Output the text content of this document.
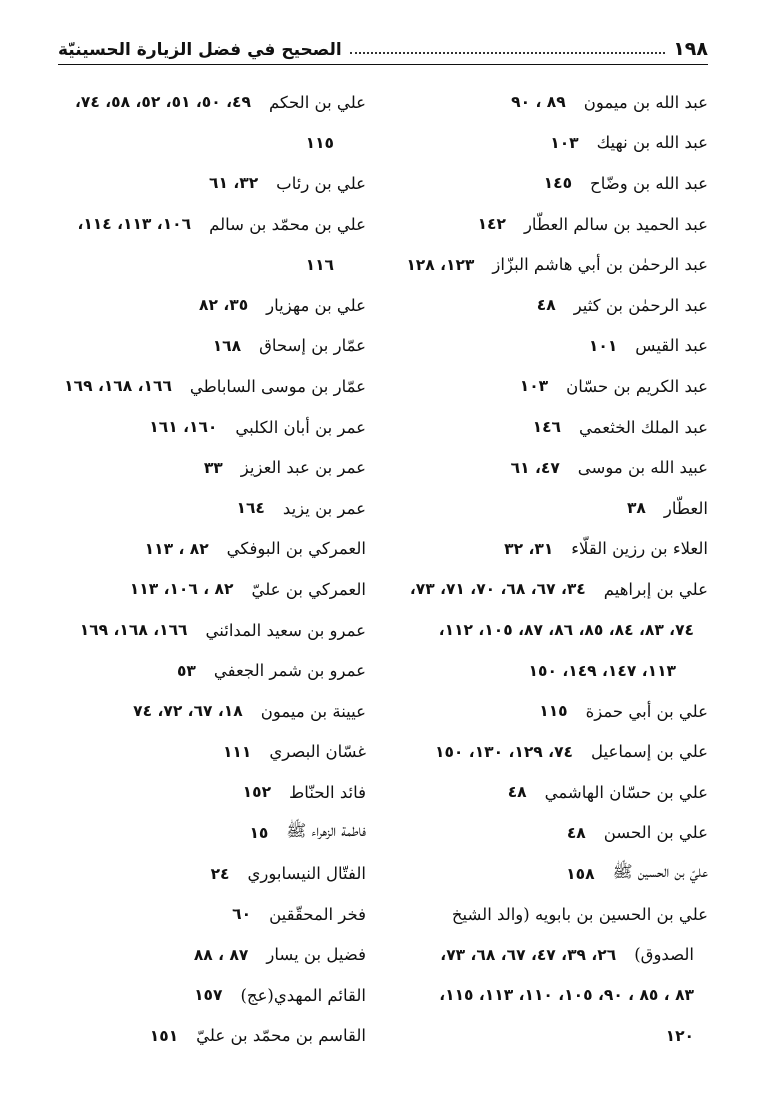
١٩٨
الصحيح في فضل الزيارة الحسينيّة
عبد الله بن ميمون
٨٩ ، ٩٠
عبد الله بن نهيك
١٠٣
عبد الله بن وضّاح
١٤٥
عبد الحميد بن سالم العطّار
١٤٢
عبد الرحمٰن بن أبي هاشم البزّاز
١٢٣، ١٢٨
عبد الرحمٰن بن كثير
٤٨
عبد القيس
١٠١
عبد الكريم بن حسّان
١٠٣
عبد الملك الخثعمي
١٤٦
عبيد الله بن موسى
٤٧، ٦١
العطّار
٣٨
العلاء بن رزين القلّاء
٣١، ٣٢
علي بن إبراهيم
٣٤، ٦٧، ٦٨، ٧٠، ٧١، ٧٣،
٧٤، ٨٣، ٨٤، ٨٥، ٨٦، ٨٧، ١٠٥، ١١٢،
١١٣، ١٤٧، ١٤٩، ١٥٠
علي بن أبي حمزة
١١٥
علي بن إسماعيل
٧٤، ١٢٩، ١٣٠، ١٥٠
علي بن حسّان الهاشمي
٤٨
علي بن الحسن
٤٨
عليّ بن الحسين ﷺ
١٥٨
علي بن الحسين بن بابويه (والد الشيخ
الصدوق)
٢٦، ٣٩، ٤٧، ٦٧، ٦٨، ٧٣،
٨٣ ، ٨٥ ، ٩٠، ١٠٥، ١١٠، ١١٣، ١١٥،
١٢٠
علي بن الحكم
٤٩، ٥٠، ٥١، ٥٢، ٥٨، ٧٤،
١١٥
علي بن رئاب
٣٢، ٦١
علي بن محمّد بن سالم
١٠٦، ١١٣، ١١٤،
١١٦
علي بن مهزيار
٣٥، ٨٢
عمّار بن إسحاق
١٦٨
عمّار بن موسى الساباطي
١٦٦، ١٦٨، ١٦٩
عمر بن أبان الكلبي
١٦٠، ١٦١
عمر بن عبد العزيز
٣٣
عمر بن يزيد
١٦٤
العمركي بن البوفكي
٨٢ ، ١١٣
العمركي بن عليّ
٨٢ ، ١٠٦، ١١٣
عمرو بن سعيد المدائني
١٦٦، ١٦٨، ١٦٩
عمرو بن شمر الجعفي
٥٣
عيينة بن ميمون
١٨، ٦٧، ٧٢، ٧٤
غسّان البصري
١١١
فائد الحنّاط
١٥٢
فاطمة الزهراء ﷺ
١٥
الفتّال النيسابوري
٢٤
فخر المحقّقين
٦٠
فضيل بن يسار
٨٧ ، ٨٨
القائم المهدي(عج)
١٥٧
القاسم بن محمّد بن عليّ
١٥١
